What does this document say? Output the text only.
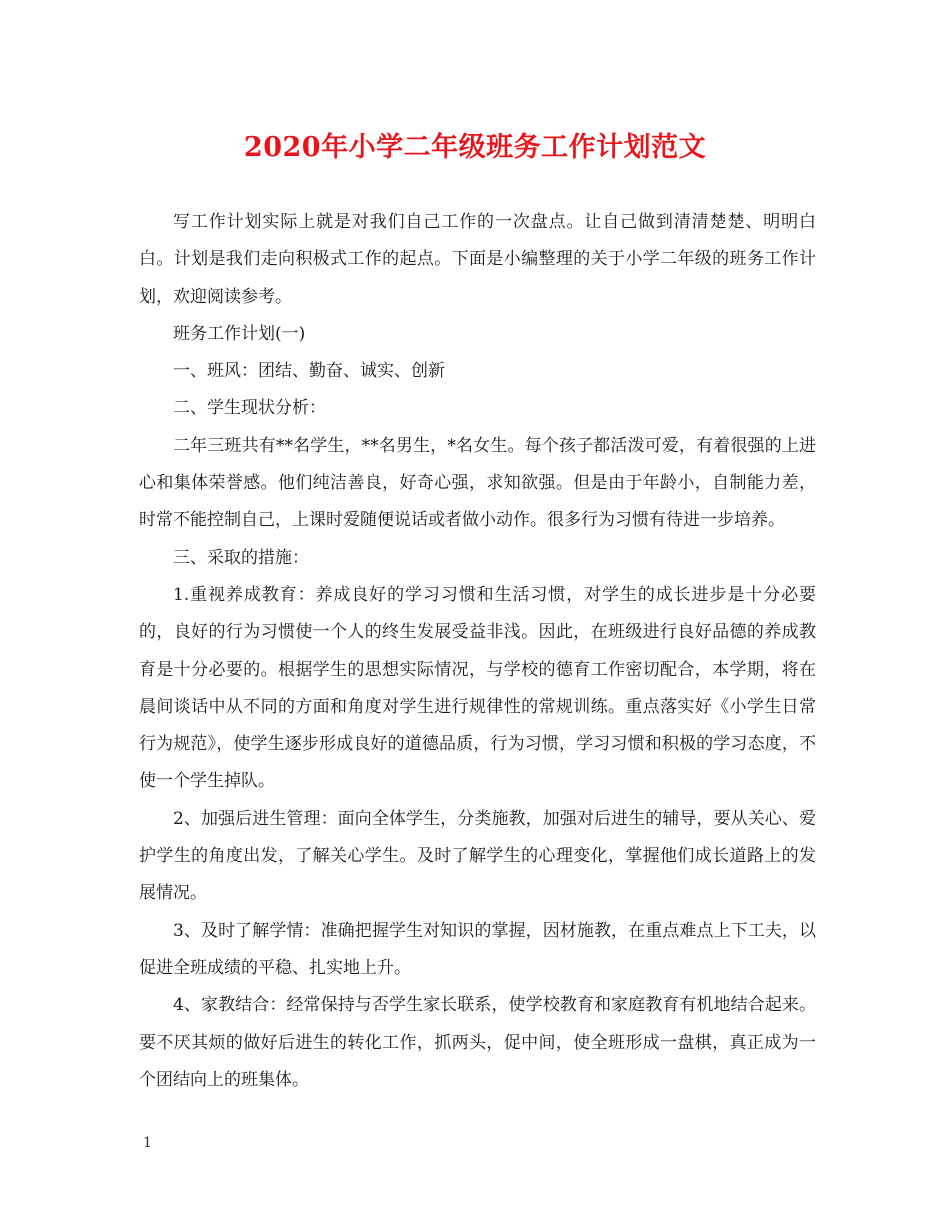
2020年小学二年级班务工作计划范文

写工作计划实际上就是对我们自己工作的一次盘点。让自己做到清清楚楚、明明白白。计划是我们走向积极式工作的起点。下面是小编整理的关于小学二年级的班务工作计划，欢迎阅读参考。

班务工作计划(一)

一、班风：团结、勤奋、诚实、创新

二、学生现状分析：

二年三班共有**名学生，**名男生，*名女生。每个孩子都活泼可爱，有着很强的上进心和集体荣誉感。他们纯洁善良，好奇心强，求知欲强。但是由于年龄小，自制能力差，时常不能控制自己，上课时爱随便说话或者做小动作。很多行为习惯有待进一步培养。

三、采取的措施：

1.重视养成教育：养成良好的学习习惯和生活习惯，对学生的成长进步是十分必要的，良好的行为习惯使一个人的终生发展受益非浅。因此，在班级进行良好品德的养成教育是十分必要的。根据学生的思想实际情况，与学校的德育工作密切配合，本学期，将在晨间谈话中从不同的方面和角度对学生进行规律性的常规训练。重点落实好《小学生日常行为规范》，使学生逐步形成良好的道德品质，行为习惯，学习习惯和积极的学习态度，不使一个学生掉队。

2、加强后进生管理：面向全体学生，分类施教，加强对后进生的辅导，要从关心、爱护学生的角度出发，了解关心学生。及时了解学生的心理变化，掌握他们成长道路上的发展情况。

3、及时了解学情：准确把握学生对知识的掌握，因材施教，在重点难点上下工夫，以促进全班成绩的平稳、扎实地上升。

4、家教结合：经常保持与否学生家长联系，使学校教育和家庭教育有机地结合起来。要不厌其烦的做好后进生的转化工作，抓两头，促中间，使全班形成一盘棋，真正成为一个团结向上的班集体。

1
